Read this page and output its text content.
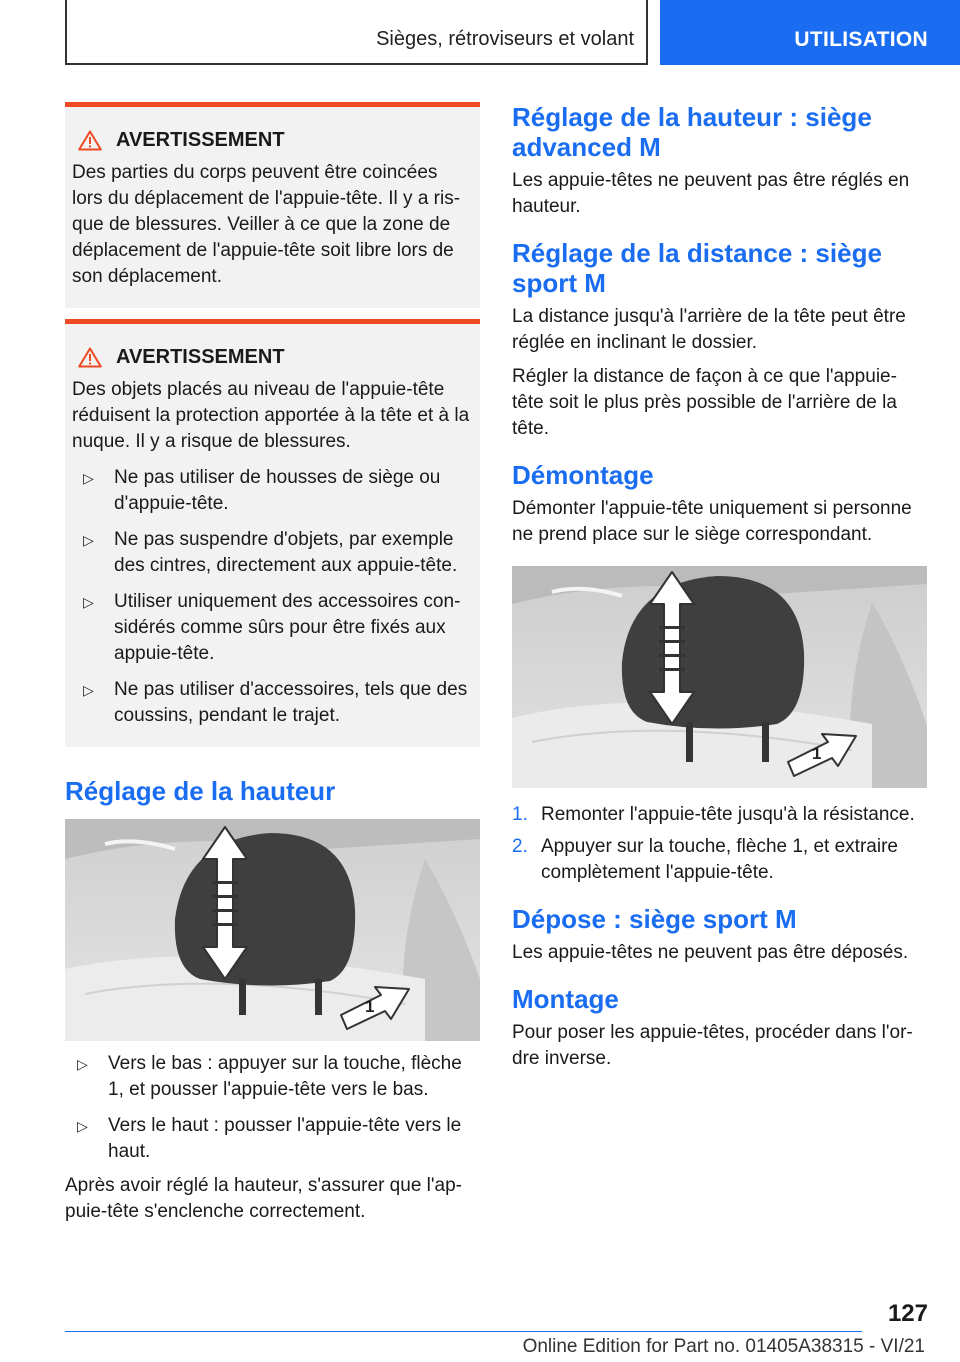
Sièges, rétroviseurs et volant	UTILISATION
AVERTISSEMENT
Des parties du corps peuvent être coincées lors du déplacement de l'appuie-tête. Il y a risque de blessures. Veiller à ce que la zone de déplacement de l'appuie-tête soit libre lors de son déplacement.
AVERTISSEMENT
Des objets placés au niveau de l'appuie-tête réduisent la protection apportée à la tête et à la nuque. Il y a risque de blessures.
▷ Ne pas utiliser de housses de siège ou d'appuie-tête.
▷ Ne pas suspendre d'objets, par exemple des cintres, directement aux appuie-tête.
▷ Utiliser uniquement des accessoires considérés comme sûrs pour être fixés aux appuie-tête.
▷ Ne pas utiliser d'accessoires, tels que des coussins, pendant le trajet.
Réglage de la hauteur
1
▷ Vers le bas : appuyer sur la touche, flèche 1, et pousser l'appuie-tête vers le bas.
▷ Vers le haut : pousser l'appuie-tête vers le haut.
Après avoir réglé la hauteur, s'assurer que l'appuie-tête s'enclenche correctement.
Réglage de la hauteur : siège advanced M
Les appuie-têtes ne peuvent pas être réglés en hauteur.
Réglage de la distance : siège sport M
La distance jusqu'à l'arrière de la tête peut être réglée en inclinant le dossier.
Régler la distance de façon à ce que l'appuie-tête soit le plus près possible de l'arrière de la tête.
Démontage
Démonter l'appuie-tête uniquement si personne ne prend place sur le siège correspondant.
1
1. Remonter l'appuie-tête jusqu'à la résistance.
2. Appuyer sur la touche, flèche 1, et extraire complètement l'appuie-tête.
Dépose : siège sport M
Les appuie-têtes ne peuvent pas être déposés.
Montage
Pour poser les appuie-têtes, procéder dans l'ordre inverse.
127
Online Edition for Part no. 01405A38315 - VI/21
